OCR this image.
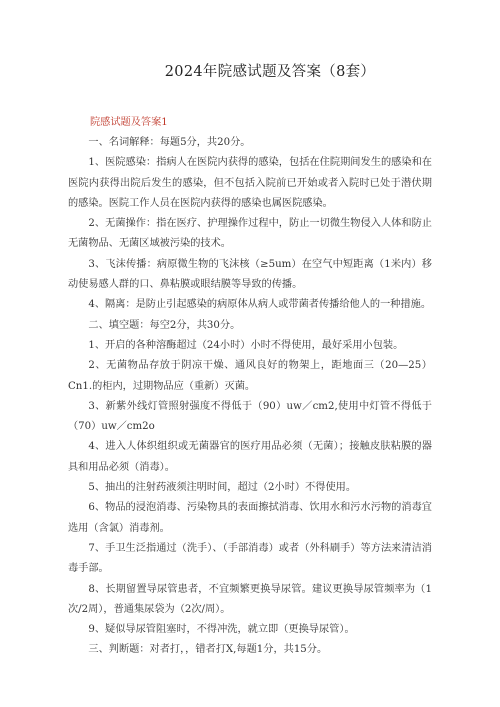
2024年院感试题及答案（8套）
院感试题及答案1

一、名词解释：每题5分，共20分。

1、医院感染：指病人在医院内获得的感染，包括在住院期间发生的感染和在医院内获得出院后发生的感染，但不包括入院前已开始或者入院时已处于潜伏期的感染。医院工作人员在医院内获得的感染也属医院感染。

2、无菌操作：指在医疗、护理操作过程中，防止一切微生物侵入人体和防止无菌物品、无菌区域被污染的技术。

3、飞沫传播：病原微生物的飞沫核（≥5um）在空气中短距离（1米内）移动使易感人群的口、鼻粘膜或眼结膜等导致的传播。

4、隔离：是防止引起感染的病原体从病人或带菌者传播给他人的一种措施。

二、填空题：每空2分，共30分。

1、开启的各种溶酶超过（24小时）小时不得使用，最好采用小包装。

2、无菌物品存放于阴凉干燥、通风良好的物架上，距地面三（20—25）Cn1.的柜内，过期物品应（重新）灭菌。

3、新紫外线灯管照射强度不得低于（90）uw／cm2,使用中灯管不得低于（70）uw／cm2o

4、进入人体织组织或无菌器官的医疗用品必须（无菌）；接触皮肤粘膜的器具和用品必须（消毒）。

5、抽出的注射药液须注明时间，超过（2小时）不得使用。

6、物品的浸泡消毒、污染物具的表面擦拭消毒、饮用水和污水污物的消毒宜选用（含氯）消毒剂。

7、手卫生泛指通过（洗手）、（手部消毒）或者（外科刷手）等方法来清洁消毒手部。

8、长期留置导尿管患者，不宜频繁更换导尿管。建议更换导尿管频率为（1次/2周），普通集尿袋为（2次/周）。

9、疑似导尿管阻塞时，不得冲洗，就立即（更换导尿管）。

三、判断题：对者打，，错者打X,每题1分，共15分。
